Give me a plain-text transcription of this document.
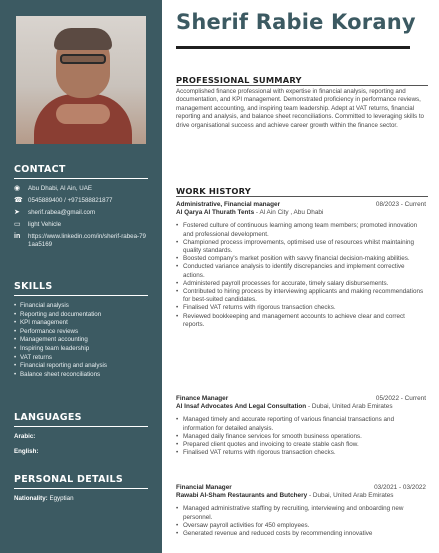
CONTACT
◉	Abu Dhabi, Al Ain, UAE
☎ 0545889400 / +971588821877
➤	sherif.rabea@gmail.com
▭	light Vehicle
in	https://www.linkedin.com/in/sherif-rabea-791aa5169
SKILLS
• Financial analysis
• Reporting and documentation
• KPI management
• Performance reviews
• Management accounting
• Inspiring team leadership
• VAT returns
• Financial reporting and analysis
• Balance sheet reconciliations
LANGUAGES
Arabic:
English:
PERSONAL DETAILS
Nationality: Egyptian
Sherif Rabie Korany
PROFESSIONAL SUMMARY
Accomplished finance professional with expertise in financial analysis, reporting and documentation, and KPI management. Demonstrated proficiency in performance reviews, management accounting, and inspiring team leadership. Adept at VAT returns, financial reporting and analysis, and balance sheet reconciliations. Committed to leveraging skills to drive organisational success and achieve career growth within the finance sector.
WORK HISTORY
Administrative, Financial manager	08/2023 - Current
Al Qarya Al Thurath Tents - Al Ain City , Abu Dhabi
• Fostered culture of continuous learning among team members; promoted innovation and professional development.
• Championed process improvements, optimised use of resources whilst maintaining quality standards.
• Boosted company's market position with savvy financial decision-making abilities.
• Conducted variance analysis to identify discrepancies and implement corrective actions.
• Administered payroll processes for accurate, timely salary disbursements.
• Contributed to hiring process by interviewing applicants and making recommendations for best-suited candidates.
• Finalised VAT returns with rigorous transaction checks.
• Reviewed bookkeeping and management accounts to achieve clear and correct reports.
Finance Manager	05/2022 - Current
Al Insaf Advocates And Legal Consultation - Dubai, United Arab Emirates
• Managed timely and accurate reporting of various financial transactions and information for detailed analysis.
• Managed daily finance services for smooth business operations.
• Prepared client quotes and invoicing to create stable cash flow.
• Finalised VAT returns with rigorous transaction checks.
Financial Manager	03/2021 - 03/2022
Rawabi Al-Sham Restaurants and Butchery - Dubai, United Arab Emirates
• Managed administrative staffing by recruiting, interviewing and onboarding new personnel.
• Oversaw payroll activities for 450 employees.
• Generated revenue and reduced costs by recommending innovative
